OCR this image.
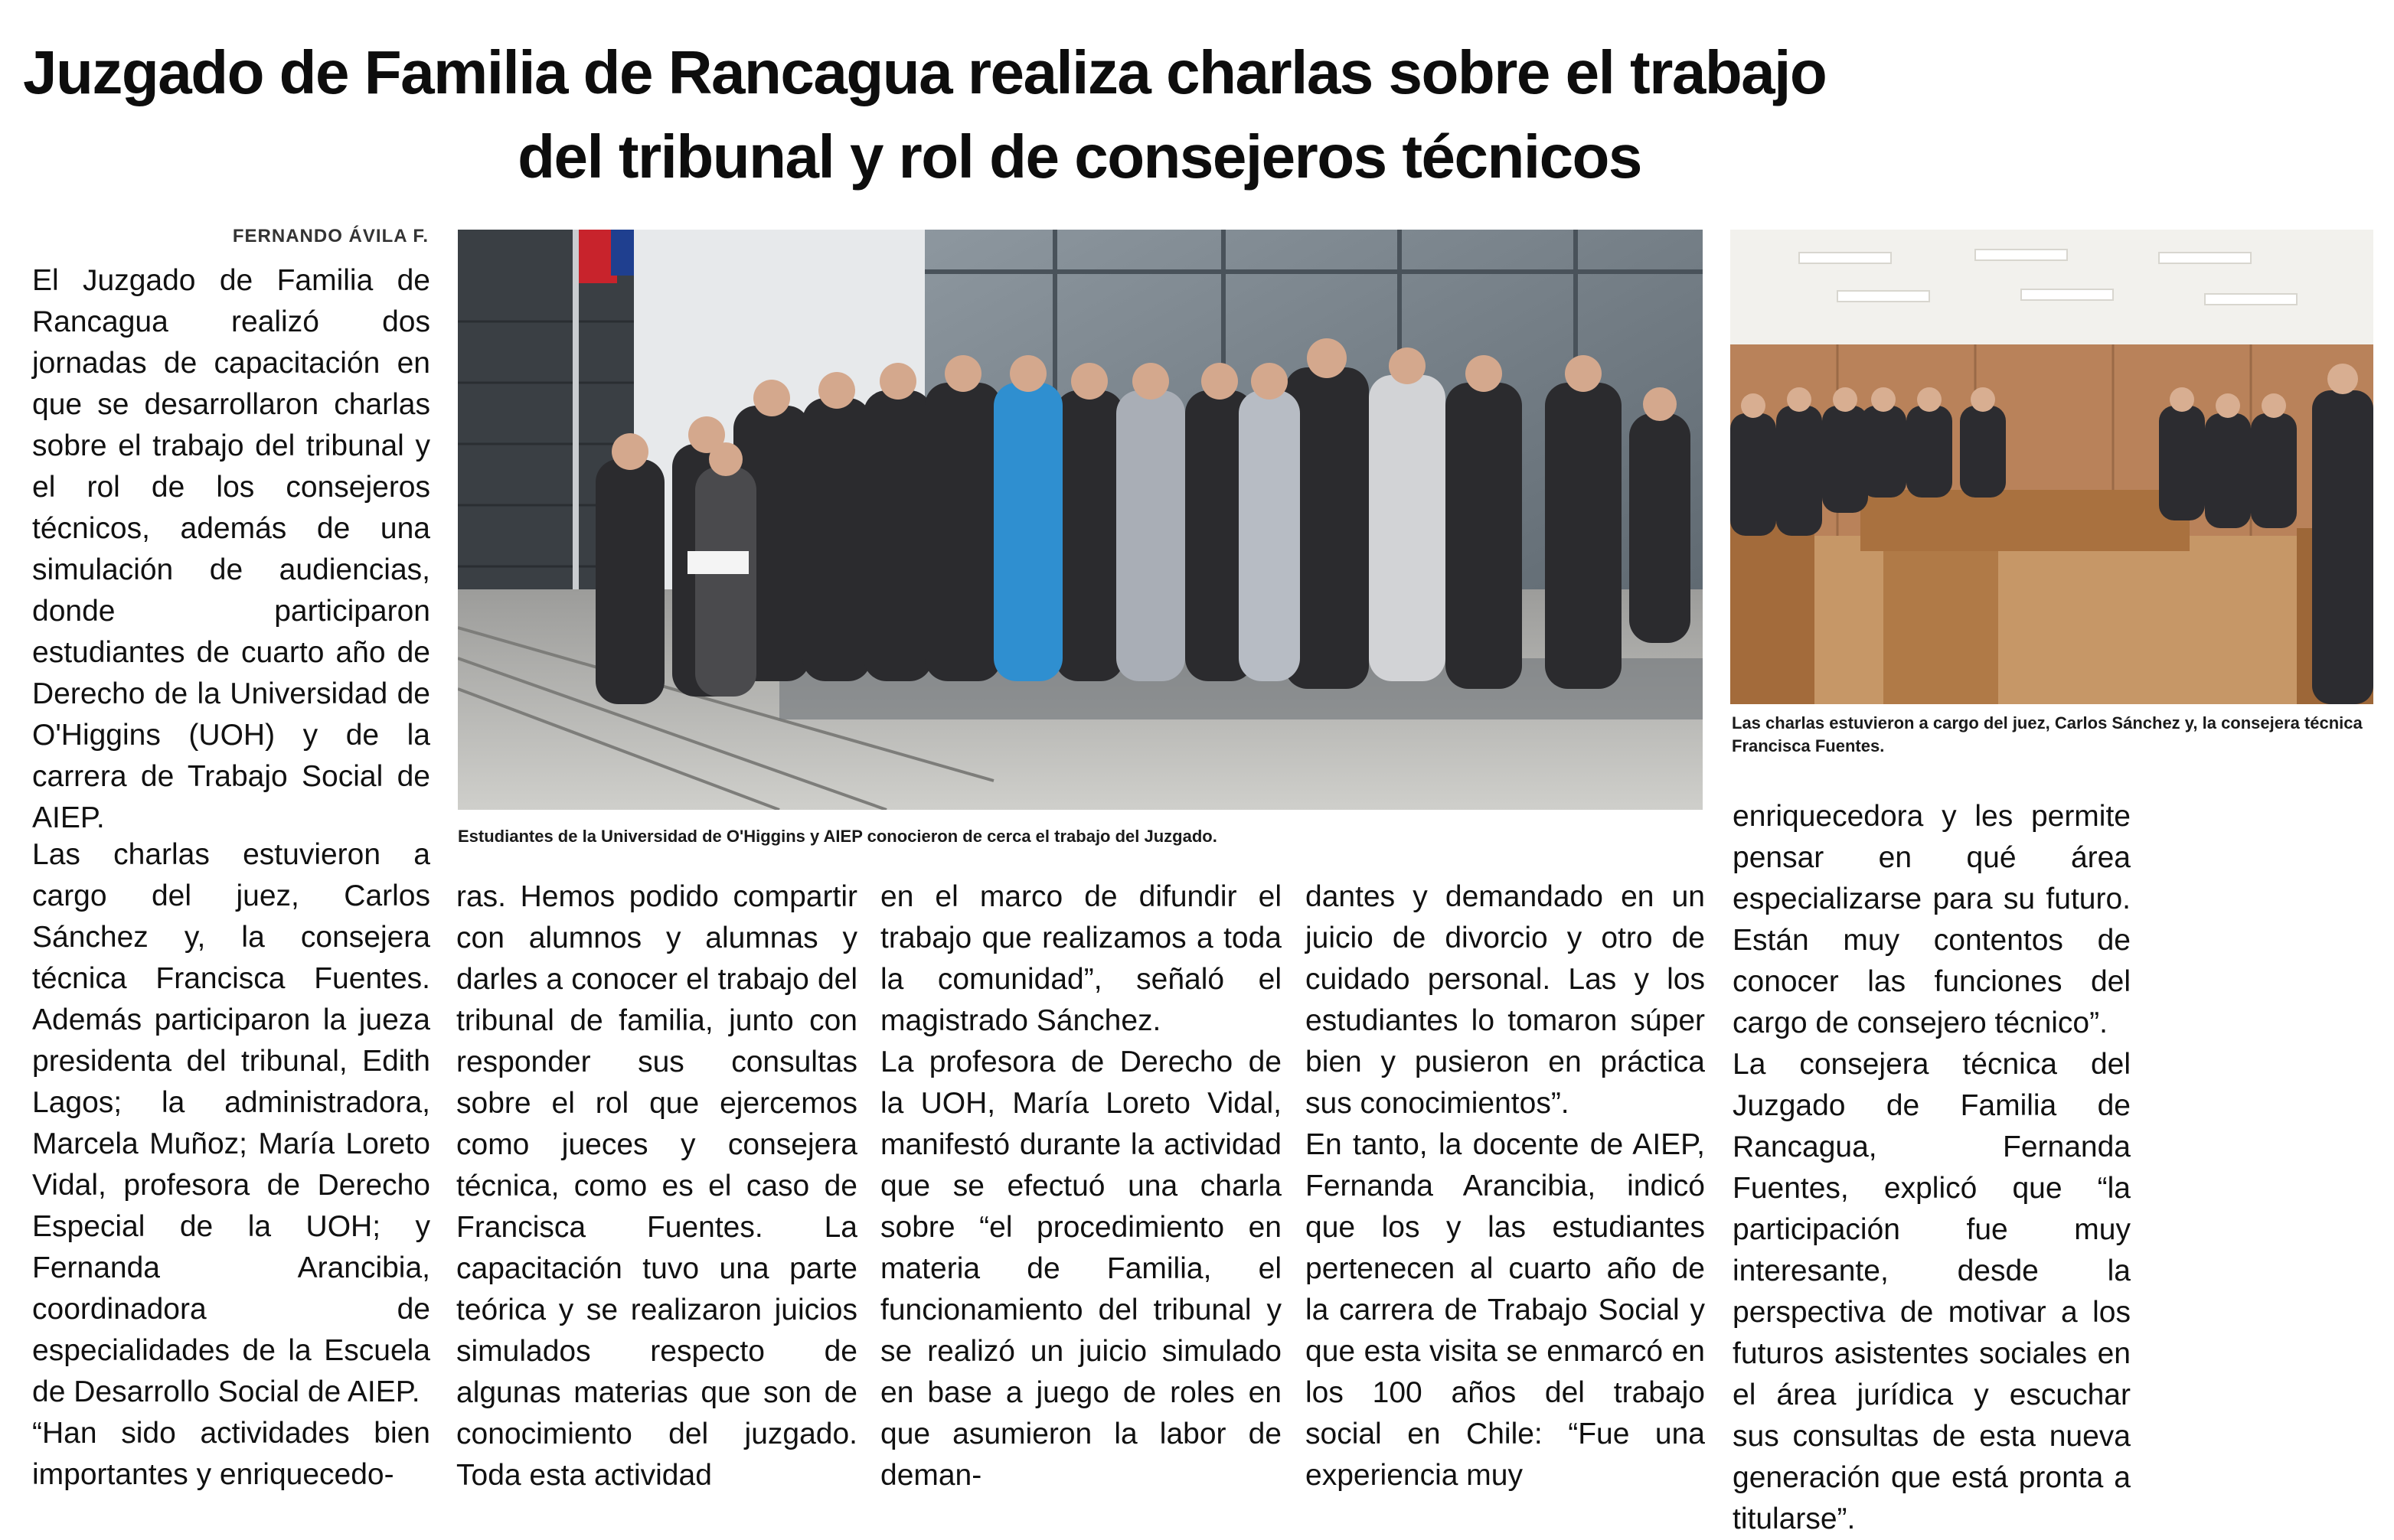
Juzgado de Familia de Rancagua realiza charlas sobre el trabajo
del tribunal y rol de consejeros técnicos
FERNANDO ÁVILA F.
Estudiantes de la Universidad de O'Higgins y AIEP conocieron de cerca el trabajo del Juzgado.
Las charlas estuvieron a cargo del juez, Carlos Sánchez y, la consejera técnica Francisca Fuentes.

El Juzgado de Familia de Rancagua realizó dos jornadas de capacitación en que se desarrollaron charlas sobre el trabajo del tribunal y el rol de los consejeros técnicos, además de una simulación de audiencias, donde participaron estudiantes de cuarto año de Derecho de la Universidad de O'Higgins (UOH) y de la carrera de Trabajo Social de AIEP.

Las charlas estuvieron a cargo del juez, Carlos Sánchez y, la consejera técnica Francisca Fuentes. Además participaron la jueza presidenta del tribunal, Edith Lagos; la administradora, Marcela Muñoz; María Loreto Vidal, profesora de Derecho Especial de la UOH; y Fernanda Arancibia, coordinadora de especialidades de la Escuela de Desarrollo Social de AIEP.

“Han sido actividades bien importantes y enriquecedo-

ras. Hemos podido compartir con alumnos y alumnas y darles a conocer el trabajo del tribunal de familia, junto con responder sus consultas sobre el rol que ejercemos como jueces y consejera técnica, como es el caso de Francisca Fuentes. La capacitación tuvo una parte teórica y se realizaron juicios simulados respecto de algunas materias que son de conocimiento del juzgado. Toda esta actividad

en el marco de difundir el trabajo que realizamos a toda la comunidad”, señaló el magistrado Sánchez.

La profesora de Derecho de la UOH, María Loreto Vidal, manifestó durante la actividad que se efectuó una charla sobre “el procedimiento en materia de Familia, el funcionamiento del tribunal y se realizó un juicio simulado en base a juego de roles en que asumieron la labor de deman-

dantes y demandado en un juicio de divorcio y otro de cuidado personal. Las y los estudiantes lo tomaron súper bien y pusieron en práctica sus conocimientos”.

En tanto, la docente de AIEP, Fernanda Arancibia, indicó que los y las estudiantes pertenecen al cuarto año de la carrera de Trabajo Social y que esta visita se enmarcó en los 100 años del trabajo social en Chile: “Fue una experiencia muy

enriquecedora y les permite pensar en qué área especializarse para su futuro. Están muy contentos de conocer las funciones del cargo de consejero técnico”.

La consejera técnica del Juzgado de Familia de Rancagua, Fernanda Fuentes, explicó que “la participación fue muy interesante, desde la perspectiva de motivar a los futuros asistentes sociales en el área jurídica y escuchar sus consultas de esta nueva generación que está pronta a titularse”.
